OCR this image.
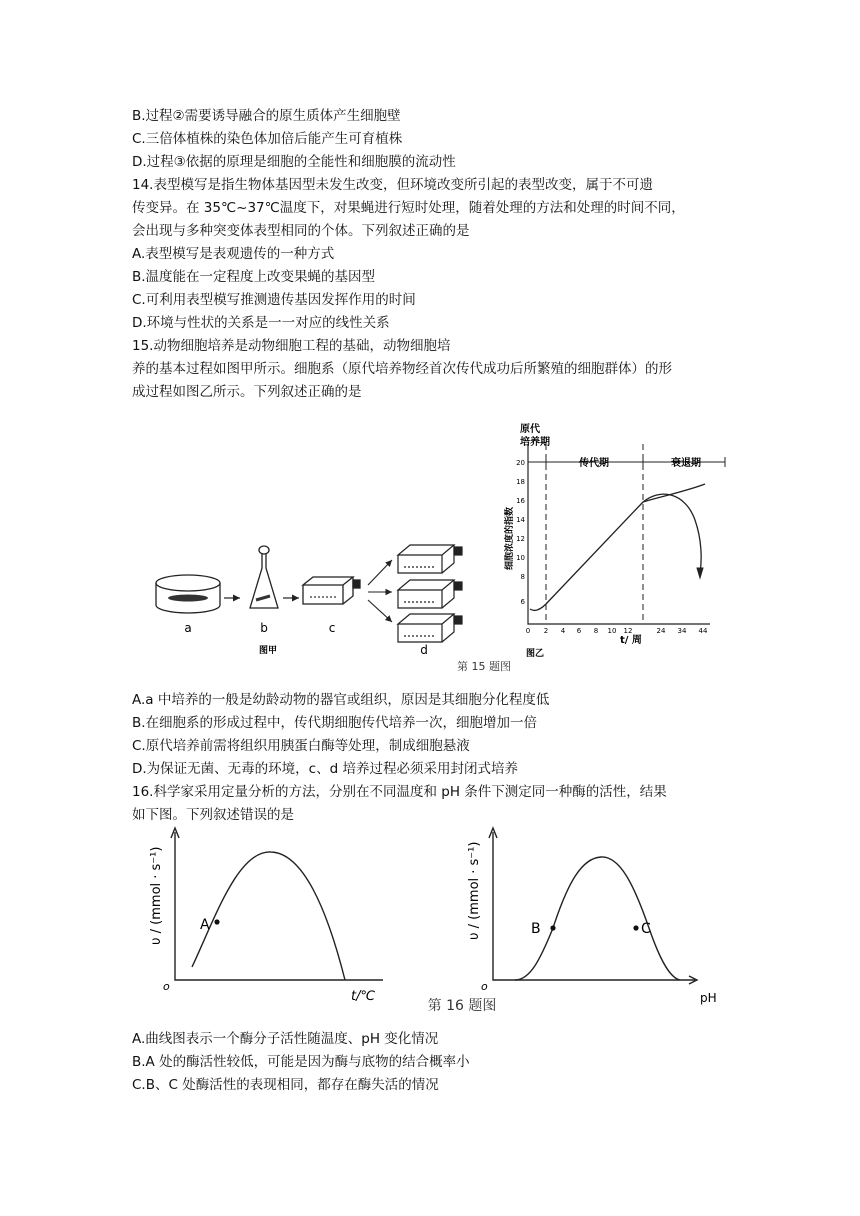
B.过程②需要诱导融合的原生质体产生细胞壁
C.三倍体植株的染色体加倍后能产生可育植株
D.过程③依据的原理是细胞的全能性和细胞膜的流动性
14.表型模写是指生物体基因型未发生改变，但环境改变所引起的表型改变，属于不可遗
传变异。在 35℃~37℃温度下，对果蝇进行短时处理，随着处理的方法和处理的时间不同，
会出现与多种突变体表型相同的个体。下列叙述正确的是
A.表型模写是表观遗传的一种方式
B.温度能在一定程度上改变果蝇的基因型
C.可利用表型模写推测遗传基因发挥作用的时间
D.环境与性状的关系是一一对应的线性关系
15.动物细胞培养是动物细胞工程的基础，动物细胞培
养的基本过程如图甲所示。细胞系（原代培养物经首次传代成功后所繁殖的细胞群体）的形
成过程如图乙所示。下列叙述正确的是
a	b	c
d
图甲
原代
培养期
传代期	衰退期
细胞浓度的指数
20
18
16
14
12
10
8
6
0 2 4 6 8 10 12	24 34 44
t/ 周
图乙
第 15 题图
A.a 中培养的一般是幼龄动物的器官或组织，原因是其细胞分化程度低
B.在细胞系的形成过程中，传代期细胞传代培养一次，细胞增加一倍
C.原代培养前需将组织用胰蛋白酶等处理，制成细胞悬液
D.为保证无菌、无毒的环境，c、d 培养过程必须采用封闭式培养
16.科学家采用定量分析的方法，分别在不同温度和 pH 条件下测定同一种酶的活性，结果
如下图。下列叙述错误的是
A
υ / (mmol · s⁻¹)
o
t/℃
B	C
υ / (mmol · s⁻¹)
o
pH
第 16 题图
A.曲线图表示一个酶分子活性随温度、pH 变化情况
B.A 处的酶活性较低，可能是因为酶与底物的结合概率小
C.B、C 处酶活性的表现相同，都存在酶失活的情况
